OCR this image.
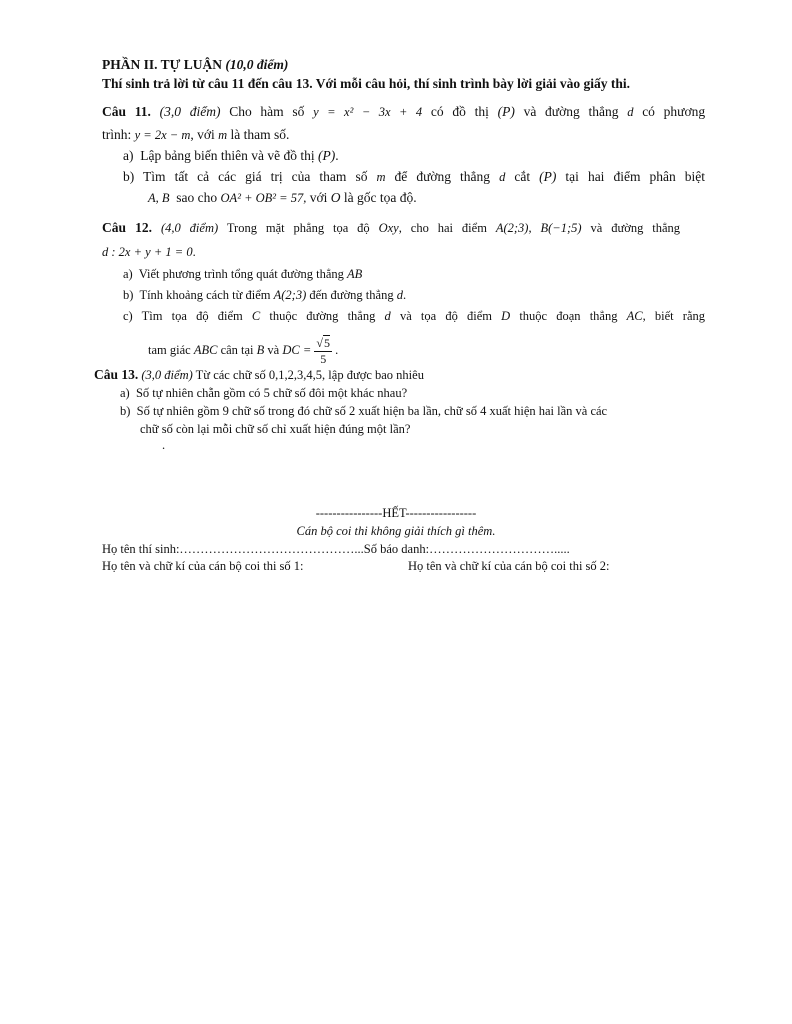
PHẦN II. TỰ LUẬN (10,0 điểm)
Thí sinh trả lời từ câu 11 đến câu 13. Với mỗi câu hỏi, thí sinh trình bày lời giải vào giấy thi.
Câu 11. (3,0 điểm) Cho hàm số y = x² − 3x + 4 có đồ thị (P) và đường thẳng d có phương
trình: y = 2x − m, với m là tham số.
a) Lập bảng biến thiên và vẽ đồ thị (P).
b) Tìm tất cả các giá trị của tham số m để đường thẳng d cắt (P) tại hai điểm phân biệt
A, B sao cho OA² + OB² = 57, với O là gốc tọa độ.
Câu 12. (4,0 điểm) Trong mặt phẳng tọa độ Oxy, cho hai điểm A(2;3), B(−1;5) và đường thẳng
d : 2x + y + 1 = 0.
a) Viết phương trình tổng quát đường thẳng AB
b) Tính khoảng cách từ điểm A(2;3) đến đường thẳng d.
c) Tìm tọa độ điểm C thuộc đường thẳng d và tọa độ điểm D thuộc đoạn thẳng AC, biết rằng
tam giác ABC cân tại B và DC = $\frac{√5}{5}$ .
Câu 13. (3,0 điểm) Từ các chữ số 0,1,2,3,4,5, lập được bao nhiêu
a) Số tự nhiên chẵn gồm có 5 chữ số đôi một khác nhau?
b) Số tự nhiên gồm 9 chữ số trong đó chữ số 2 xuất hiện ba lần, chữ số 4 xuất hiện hai lần và các
chữ số còn lại mỗi chữ số chỉ xuất hiện đúng một lần?
.
----------------HẾT-----------------
Cán bộ coi thi không giải thích gì thêm.
Họ tên thí sinh:……………………………………...Số báo danh:………………………….....
Họ tên và chữ kí của cán bộ coi thi số 1:	Họ tên và chữ kí của cán bộ coi thi số 2:
